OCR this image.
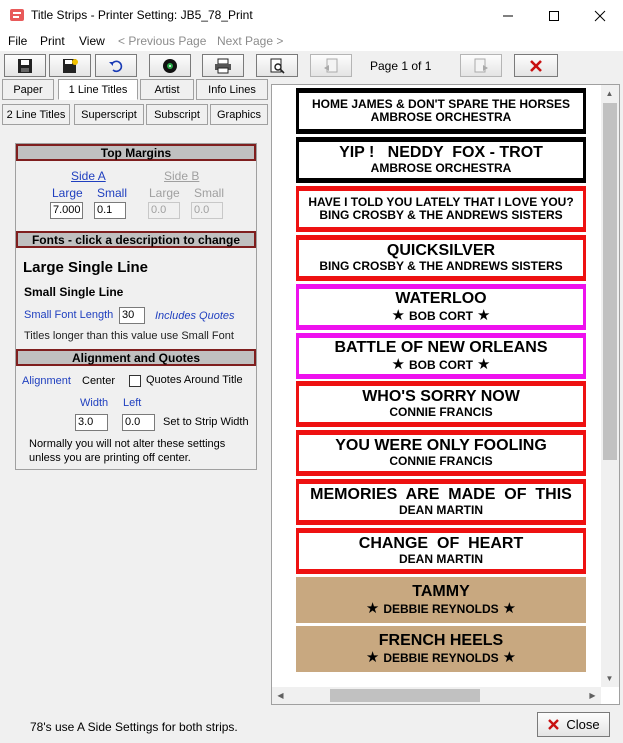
Title Strips - Printer Setting: JB5_78_Print
File Print View < Previous Page Next Page >
Page 1 of 1
Paper	1 Line Titles	Artist	Info Lines
2 Line Titles	Superscript	Subscript	Graphics
Top Margins
Side A	Side B
Large Small Large Small
7.000 0.1	0.0	0.0
Fonts - click a description to change
Large Single Line
Small Single Line
Small Font Length 30	Includes Quotes
Titles longer than this value use Small Font
Alignment and Quotes
Alignment Center	Quotes Around Title
Width Left
3.0	0.0	Set to Strip Width
Normally you will not alter these settings
unless you are printing off center.
HOME JAMES & DON'T SPARE THE HORSES
AMBROSE ORCHESTRA
YIP !   NEDDY  FOX - TROT
AMBROSE ORCHESTRA
HAVE I TOLD YOU LATELY THAT I LOVE YOU?
BING CROSBY & THE ANDREWS SISTERS
QUICKSILVER
BING CROSBY & THE ANDREWS SISTERS
WATERLOO
★ BOB CORT ★
BATTLE OF NEW ORLEANS
★ BOB CORT ★
WHO'S SORRY NOW
CONNIE FRANCIS
YOU WERE ONLY FOOLING
CONNIE FRANCIS
MEMORIES  ARE  MADE  OF  THIS
DEAN MARTIN
CHANGE  OF  HEART
DEAN MARTIN
TAMMY
★ DEBBIE REYNOLDS ★
FRENCH HEELS
★ DEBBIE REYNOLDS ★
▲
▼
◀	▶
78's use A Side Settings for both strips.	Close
